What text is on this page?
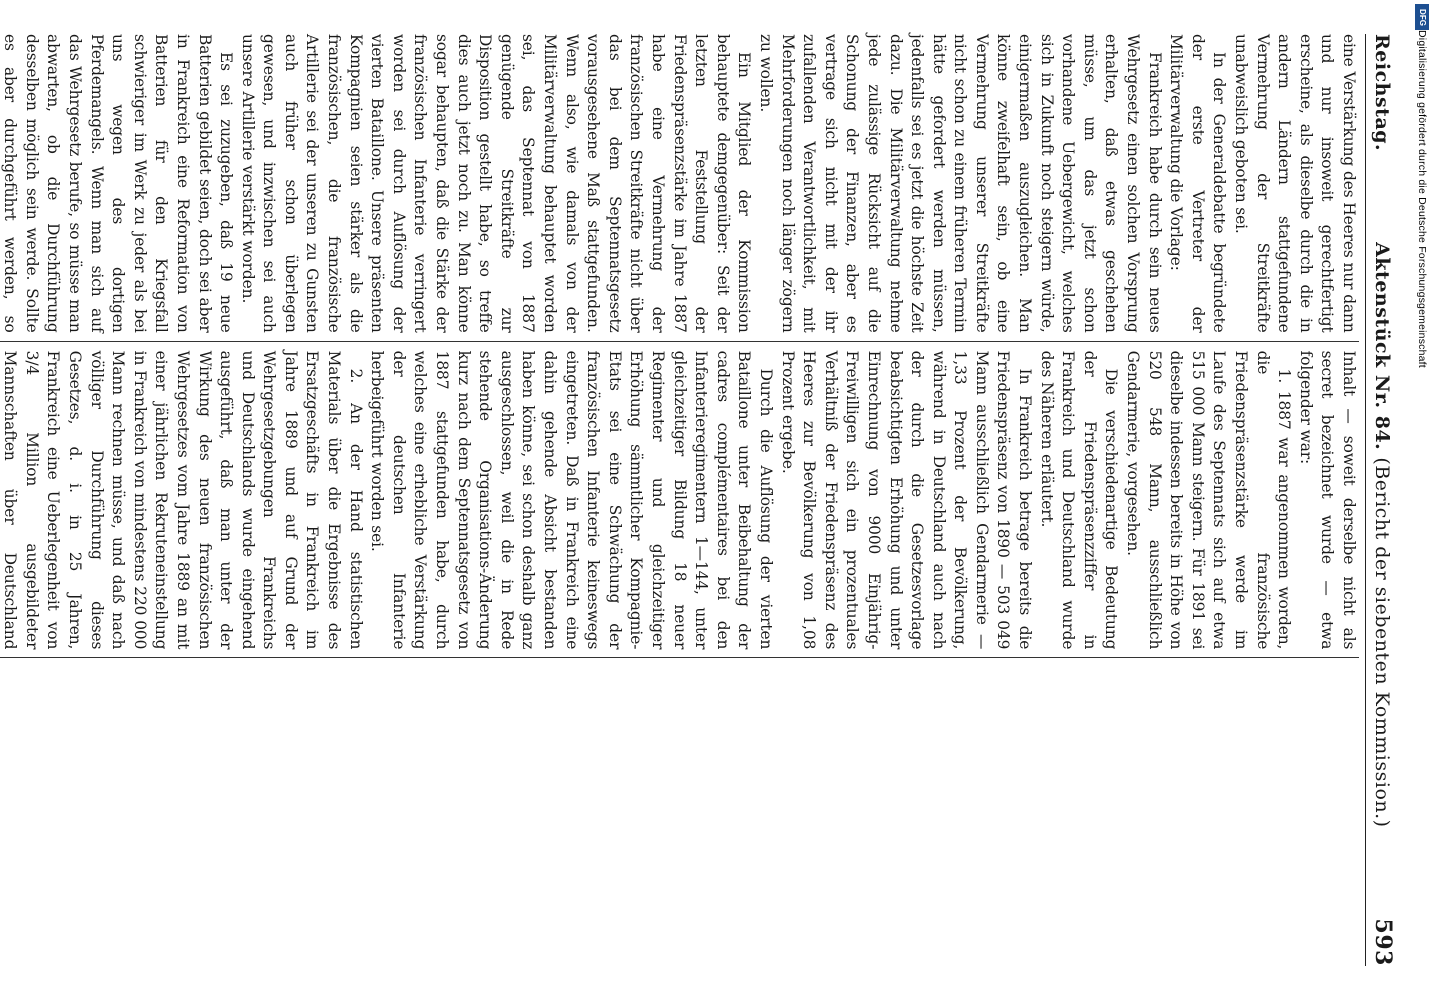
Reichstag.
Aktenstück Nr. 84. (Bericht der siebenten Kommission.)
593

eine Verstärkung des Heeres nur dann und nur insoweit gerechtfertigt erscheine, als dieselbe durch die in andern Ländern stattgefundene Vermehrung der Streitkräfte unabweislich geboten sei.

In der Generaldebatte begründete der erste Vertreter der Militärverwaltung die Vorlage:

Frankreich habe durch sein neues Wehrgesetz einen solchen Vorsprung erhalten, daß etwas geschehen müsse, um das jetzt schon vorhandene Uebergewicht, welches sich in Zukunft noch steigern würde, einigermaßen auszugleichen. Man könne zweifelhaft sein, ob eine Vermehrung unserer Streitkräfte nicht schon zu einem früheren Termin hätte gefordert werden müssen, jedenfalls sei es jetzt die höchste Zeit dazu. Die Militärverwaltung nehme jede zulässige Rücksicht auf die Schonung der Finanzen, aber es vertrage sich nicht mit der ihr zufallenden Verantwortlichkeit, mit Mehrforderungen noch länger zögern zu wollen.

Ein Mitglied der Kommission behauptete demgegenüber: Seit der letzten Feststellung der Friedenspräsenzstärke im Jahre 1887 habe eine Vermehrung der französischen Streitkräfte nicht über das bei dem Septennatsgesetz vorausgesehene Maß stattgefunden. Wenn also, wie damals von der Militärverwaltung behauptet worden sei, das Septennat von 1887 genügende Streitkräfte zur Disposition gestellt habe, so treffe dies auch jetzt noch zu. Man könne sogar behaupten, daß die Stärke der französischen Infanterie verringert worden sei durch Auflösung der vierten Bataillone. Unsere präsenten Kompagnien seien stärker als die französischen, die französische Artillerie sei der unseren zu Gunsten auch früher schon überlegen gewesen, und inzwischen sei auch unsere Artillerie verstärkt worden.

Es sei zuzugeben, daß 19 neue Batterien gebildet seien, doch sei aber in Frankreich eine Reformation von Batterien für den Kriegsfall schwieriger im Werk zu jeder als bei uns wegen des dortigen Pferdemangels. Wenn man sich auf das Wehrgesetz berufe, so müsse man abwarten, ob die Durchführung desselben möglich sein werde. Sollte es aber durchgeführt werden, so

Inhalt — soweit derselbe nicht als secret bezeichnet wurde — etwa folgender war:

1. 1887 war angenommen worden, die französische Friedenspräsenzstärke werde im Laufe des Septennats sich auf etwa 515 000 Mann steigern. Für 1891 sei dieselbe indessen bereits in Höhe von 520 548 Mann, ausschließlich Gendarmerie, vorgesehen.

Die verschiedenartige Bedeutung der Friedenspräsenzziffer in Frankreich und Deutschland wurde des Näheren erläutert.

In Frankreich betrage bereits die Friedenspräsenz von 1890 — 503 049 Mann ausschließlich Gendarmerie — 1,33 Prozent der Bevölkerung, während in Deutschland auch nach der durch die Gesetzesvorlage beabsichtigten Erhöhung und unter Einrechnung von 9000 Einjährig-Freiwilligen sich ein prozentuales Verhältniß der Friedenspräsenz des Heeres zur Bevölkerung von 1,08 Prozent ergebe.

Durch die Auflösung der vierten Bataillone unter Beibehaltung der cadres complémentaires bei den Infanterieregimentern 1—144, unter gleichzeitiger Bildung 18 neuer Regimenter und gleichzeitiger Erhöhung sämmtlicher Kompagnie-Etats sei eine Schwächung der französischen Infanterie keineswegs eingetreten. Daß in Frankreich eine dahin gehende Absicht bestanden haben könne, sei schon deshalb ganz ausgeschlossen, weil die in Rede stehende Organisations-Änderung kurz nach dem Septennatsgesetz von 1887 stattgefunden habe, durch welches eine erhebliche Verstärkung der deutschen Infanterie herbeigeführt worden sei.

2. An der Hand statistischen Materials über die Ergebnisse des Ersatzgeschäfts in Frankreich im Jahre 1889 und auf Grund der Wehrgesetzgebungen Frankreichs und Deutschlands wurde eingehend ausgeführt, daß man unter der Wirkung des neuen französischen Wehrgesetzes vom Jahre 1889 an mit einer jährlichen Rekruteneinstellung in Frankreich von mindestens 220 000 Mann rechnen müsse, und daß nach völliger Durchführung dieses Gesetzes, d. i. in 25 Jahren, Frankreich eine Ueberlegenheit von 3/4 Million ausgebildeter Mannschaften über Deutschland

DFG
Digitalisierung gefördert durch die Deutsche Forschungsgemeinschaft
